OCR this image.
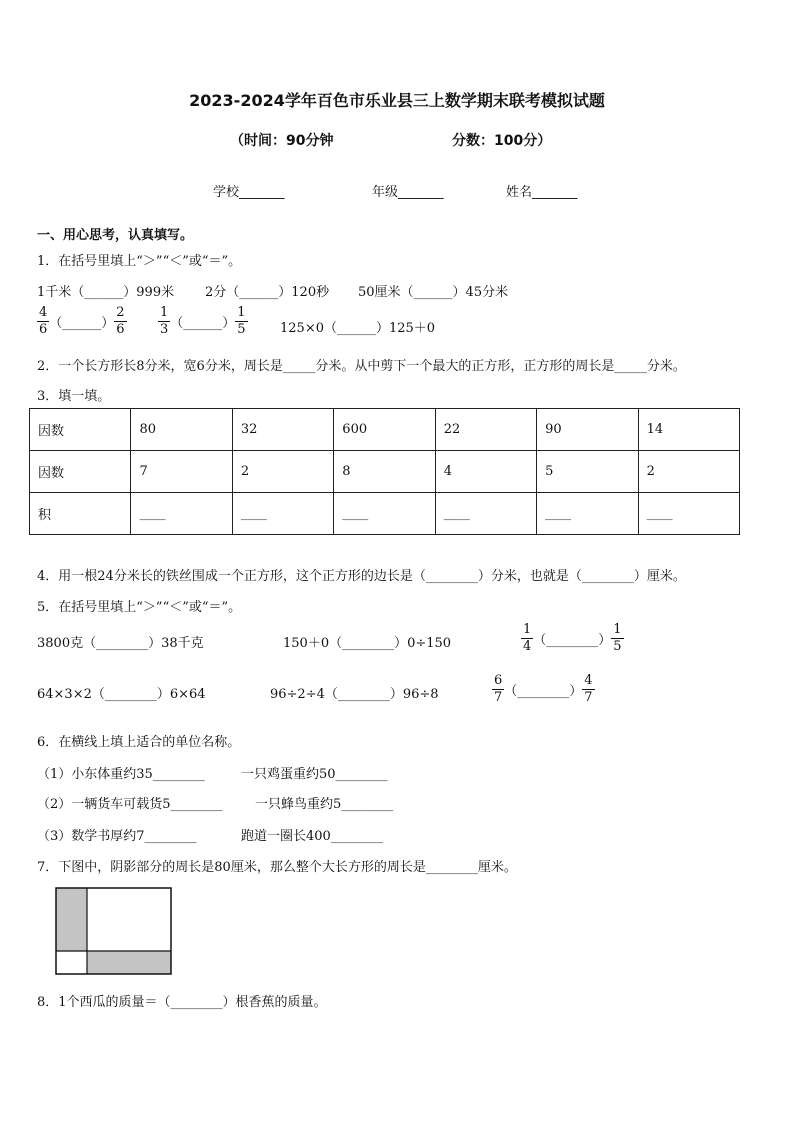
2023-2024学年百色市乐业县三上数学期末联考模拟试题
（时间：90分钟	分数：100分）
学校_______	年级_______	姓名_______
一、用心思考，认真填写。
1．在括号里填上“＞”“＜”或“＝”。
1千米（______）999米 2分（______）120秒 50厘米（______）45分米
$\frac{4}{6}$ （______） $\frac{2}{6} \frac{1}{3}$ （______） $\frac{1}{5}$ 125×0（______）125＋0
2．一个长方形长8分米，宽6分米，周长是_____分米。从中剪下一个最大的正方形，正方形的周长是_____分米。
3．填一填。
因数	80	32	600	22	90	14
因数	7	2	8	4	5	2
积	____	____	____	____	____	____
4．用一根24分米长的铁丝围成一个正方形，这个正方形的边长是（________）分米，也就是（________）厘米。
5．在括号里填上“＞”“＜”或“＝”。
3800克（________）38千克	150＋0（________）0÷150	$\frac{1}{4}$ （________） $\frac{1}{5}$
64×3×2（________）6×64	96÷2÷4（________）96÷8	$\frac{6}{7}$ （________） $\frac{4}{7}$
6．在横线上填上适合的单位名称。
（1）小东体重约35________	一只鸡蛋重约50________
（2）一辆货车可载货5________ 一只蜂鸟重约5________
（3）数学书厚约7________	跑道一圈长400________
7．下图中，阴影部分的周长是80厘米，那么整个大长方形的周长是________厘米。
8．1个西瓜的质量＝（________）根香蕉的质量。
